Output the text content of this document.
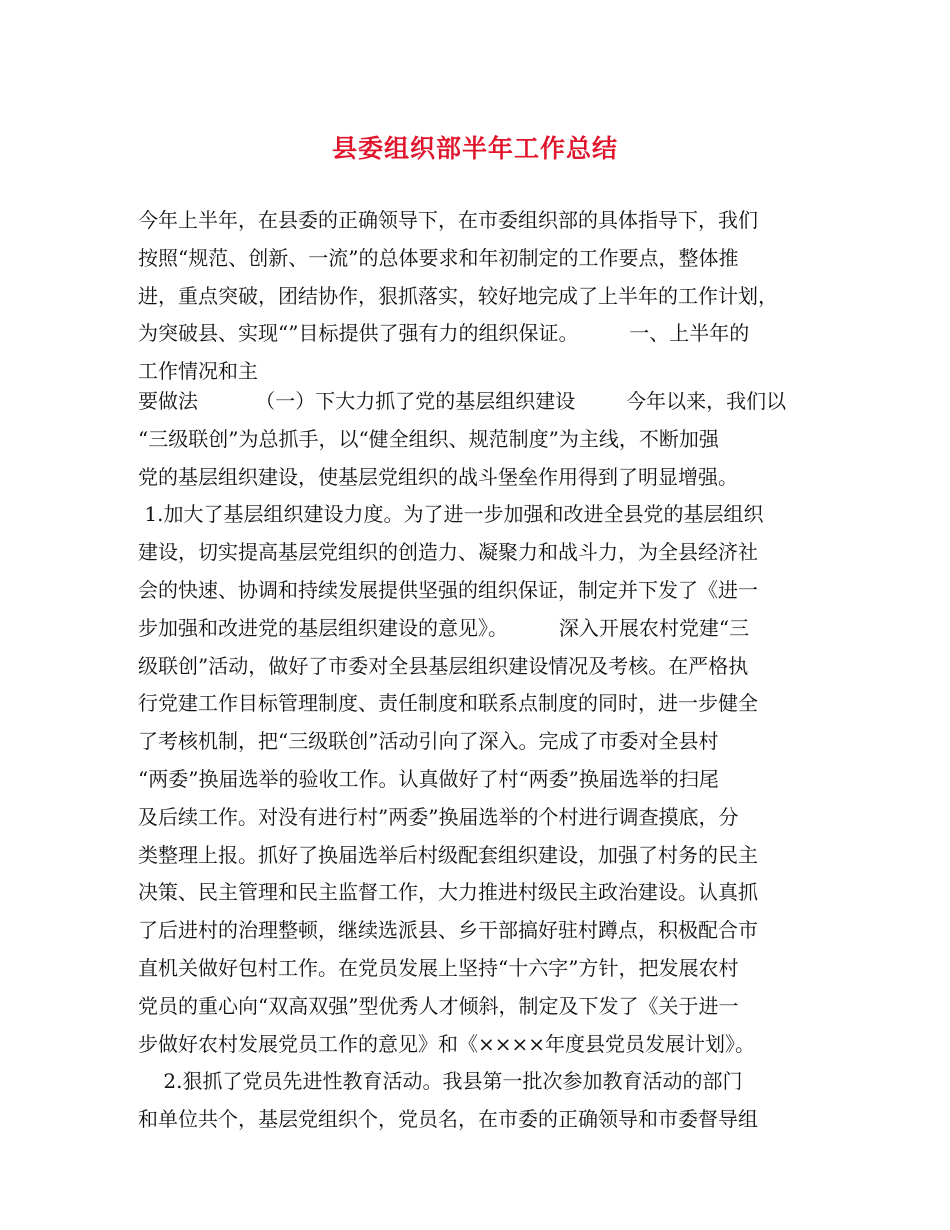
县委组织部半年工作总结
今年上半年，在县委的正确领导下，在市委组织部的具体指导下，我们
按照“规范、创新、一流”的总体要求和年初制定的工作要点，整体推
进，重点突破，团结协作，狠抓落实，较好地完成了上半年的工作计划，
为突破县、实现“”目标提供了强有力的组织保证。        一、上半年的
工作情况和主
要做法         （一）下大力抓了党的基层组织建设        今年以来，我们以
“三级联创”为总抓手，以“健全组织、规范制度”为主线，不断加强
党的基层组织建设，使基层党组织的战斗堡垒作用得到了明显增强。
1.加大了基层组织建设力度。为了进一步加强和改进全县党的基层组织
建设，切实提高基层党组织的创造力、凝聚力和战斗力，为全县经济社
会的快速、协调和持续发展提供坚强的组织保证，制定并下发了《进一
步加强和改进党的基层组织建设的意见》。        深入开展农村党建“三
级联创”活动，做好了市委对全县基层组织建设情况及考核。在严格执
行党建工作目标管理制度、责任制度和联系点制度的同时，进一步健全
了考核机制，把“三级联创”活动引向了深入。完成了市委对全县村
“两委”换届选举的验收工作。认真做好了村“两委”换届选举的扫尾
及后续工作。对没有进行村”两委”换届选举的个村进行调查摸底，分
类整理上报。抓好了换届选举后村级配套组织建设，加强了村务的民主
决策、民主管理和民主监督工作，大力推进村级民主政治建设。认真抓
了后进村的治理整顿，继续选派县、乡干部搞好驻村蹲点，积极配合市
直机关做好包村工作。在党员发展上坚持“十六字”方针，把发展农村
党员的重心向“双高双强”型优秀人才倾斜，制定及下发了《关于进一
步做好农村发展党员工作的意见》和《××××年度县党员发展计划》。
2.狠抓了党员先进性教育活动。我县第一批次参加教育活动的部门
和单位共个，基层党组织个，党员名，在市委的正确领导和市委督导组
